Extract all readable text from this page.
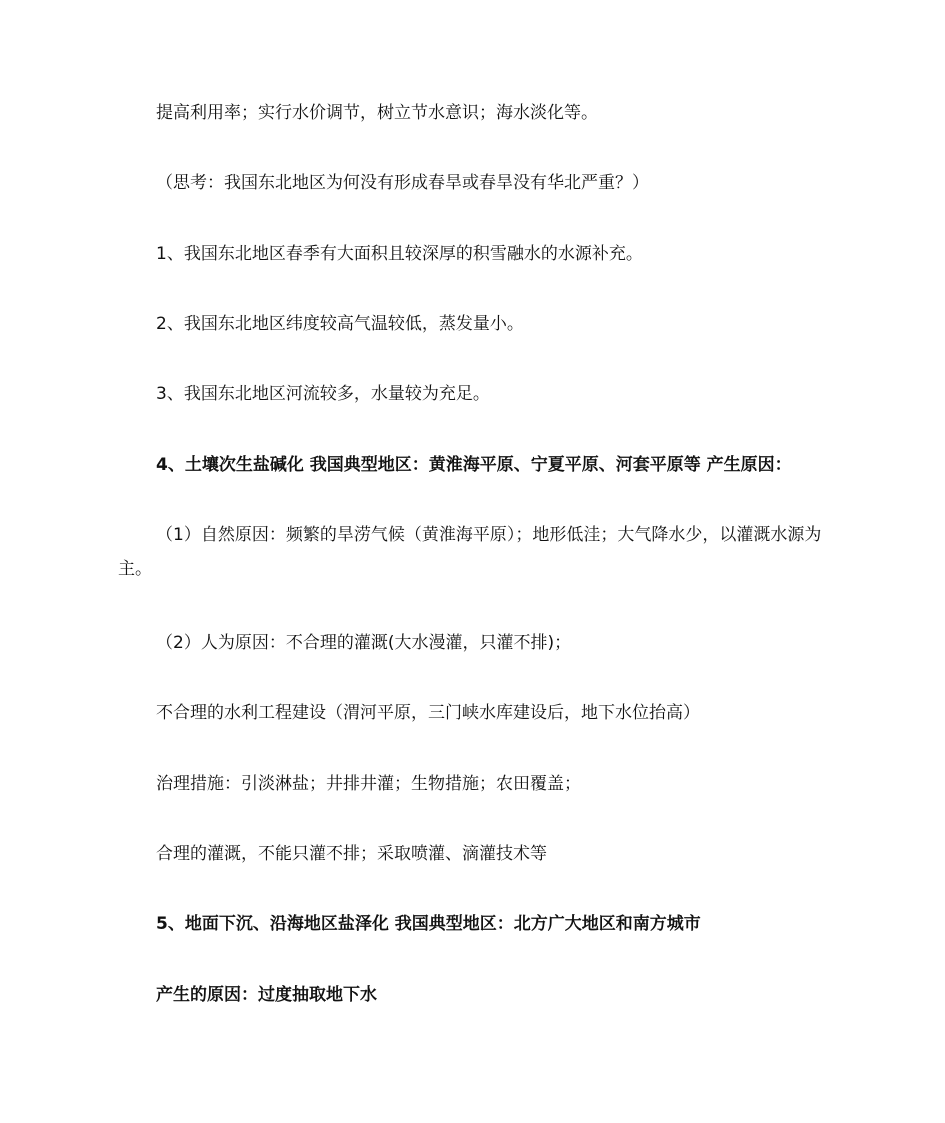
提高利用率；实行水价调节，树立节水意识；海水淡化等。
（思考：我国东北地区为何没有形成春旱或春旱没有华北严重？）
1、我国东北地区春季有大面积且较深厚的积雪融水的水源补充。
2、我国东北地区纬度较高气温较低，蒸发量小。
3、我国东北地区河流较多，水量较为充足。
4、土壤次生盐碱化 我国典型地区：黄淮海平原、宁夏平原、河套平原等 产生原因：
（1）自然原因：频繁的旱涝气候（黄淮海平原）；地形低洼；大气降水少，以灌溉水源为主。
（2）人为原因：不合理的灌溉(大水漫灌，只灌不排)；
不合理的水利工程建设（渭河平原，三门峡水库建设后，地下水位抬高）
治理措施：引淡淋盐；井排井灌；生物措施；农田覆盖；
合理的灌溉，不能只灌不排；采取喷灌、滴灌技术等
5、地面下沉、沿海地区盐泽化 我国典型地区：北方广大地区和南方城市
产生的原因：过度抽取地下水
